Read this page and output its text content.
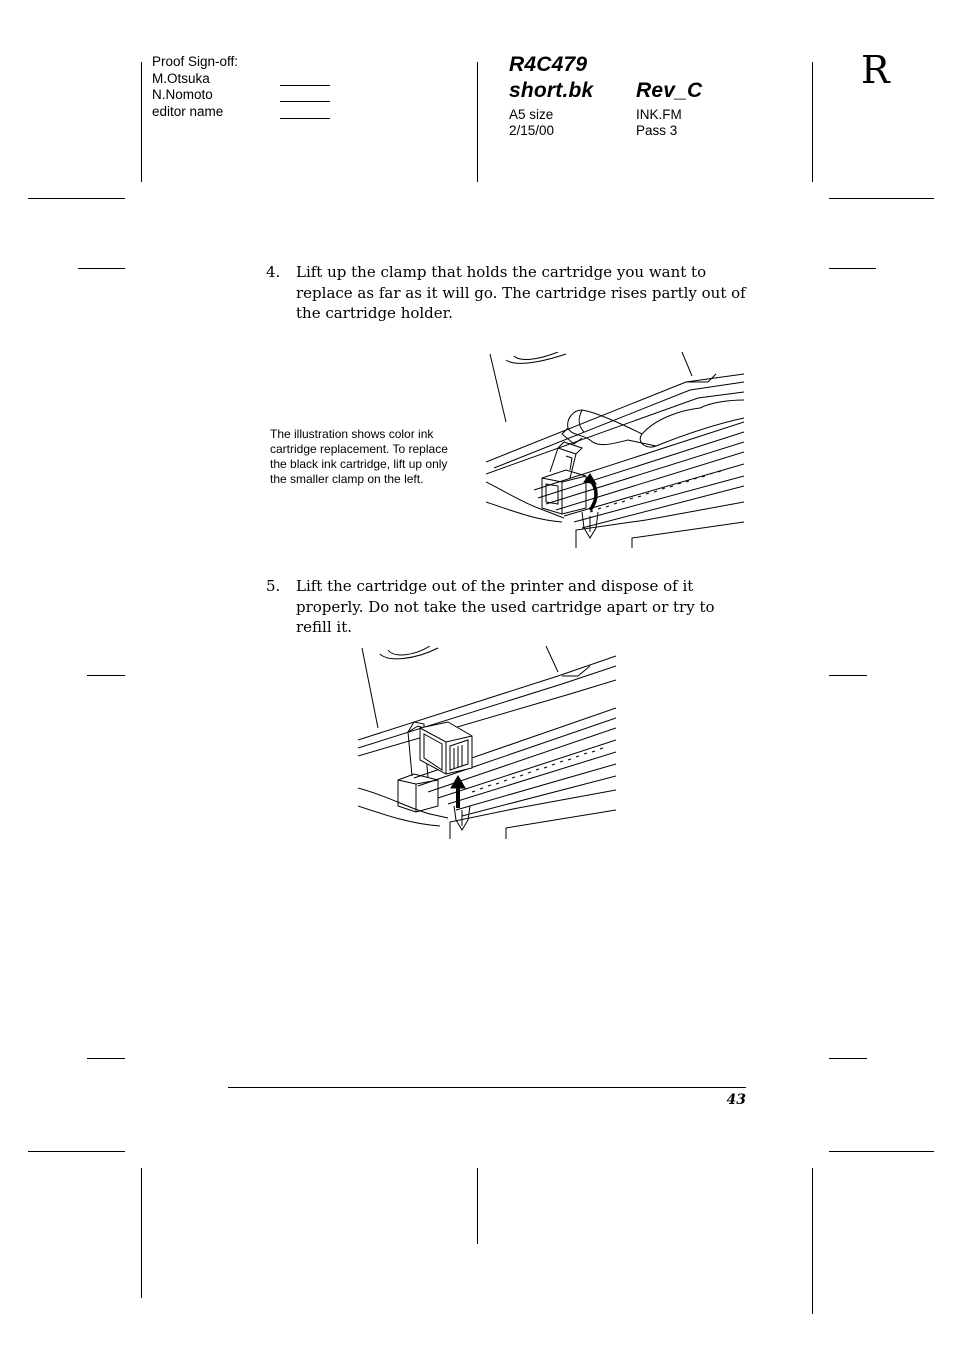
Proof Sign-off:
M.Otsuka
N.Nomoto
editor name
R4C479
short.bk Rev_C
A5 size
2/15/00
INK.FM
Pass 3
R
4. Lift up the clamp that holds the cartridge you want to replace as far as it will go. The cartridge rises partly out of the cartridge holder.
The illustration shows color ink cartridge replacement. To replace the black ink cartridge, lift up only the smaller clamp on the left.
5. Lift the cartridge out of the printer and dispose of it properly. Do not take the used cartridge apart or try to refill it.
43
